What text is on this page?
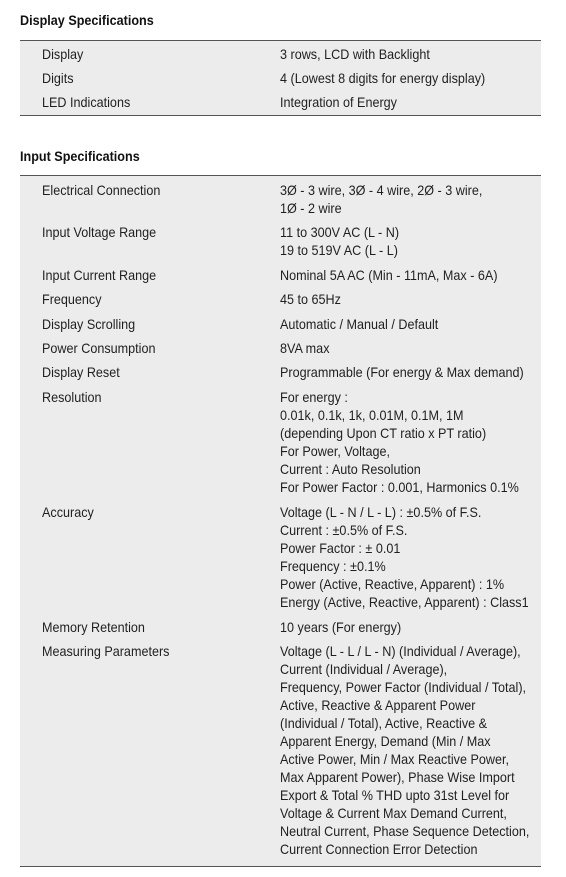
Display Specifications
Display	3 rows, LCD with Backlight
Digits	4 (Lowest 8 digits for energy display)
LED Indications	Integration of Energy
Input Specifications
Electrical Connection	3Ø - 3 wire, 3Ø - 4 wire, 2Ø - 3 wire,
1Ø - 2 wire
Input Voltage Range	11 to 300V AC (L - N)
19 to 519V AC (L - L)
Input Current Range	Nominal 5A AC (Min - 11mA, Max - 6A)
Frequency	45 to 65Hz
Display Scrolling	Automatic / Manual / Default
Power Consumption	8VA max
Display Reset	Programmable (For energy & Max demand)
Resolution	For energy :
0.01k, 0.1k, 1k, 0.01M, 0.1M, 1M
(depending Upon CT ratio x PT ratio)
For Power, Voltage,
Current : Auto Resolution
For Power Factor : 0.001, Harmonics 0.1%
Accuracy	Voltage (L - N / L - L) : ±0.5% of F.S.
Current : ±0.5% of F.S.
Power Factor : ± 0.01
Frequency : ±0.1%
Power (Active, Reactive, Apparent) : 1%
Energy (Active, Reactive, Apparent) : Class1
Memory Retention	10 years (For energy)
Measuring Parameters	Voltage (L - L / L - N) (Individual / Average),
Current (Individual / Average),
Frequency, Power Factor (Individual / Total),
Active, Reactive & Apparent Power
(Individual / Total), Active, Reactive &
Apparent Energy, Demand (Min / Max
Active Power, Min / Max Reactive Power,
Max Apparent Power), Phase Wise Import
Export & Total % THD upto 31st Level for
Voltage & Current Max Demand Current,
Neutral Current, Phase Sequence Detection,
Current Connection Error Detection
